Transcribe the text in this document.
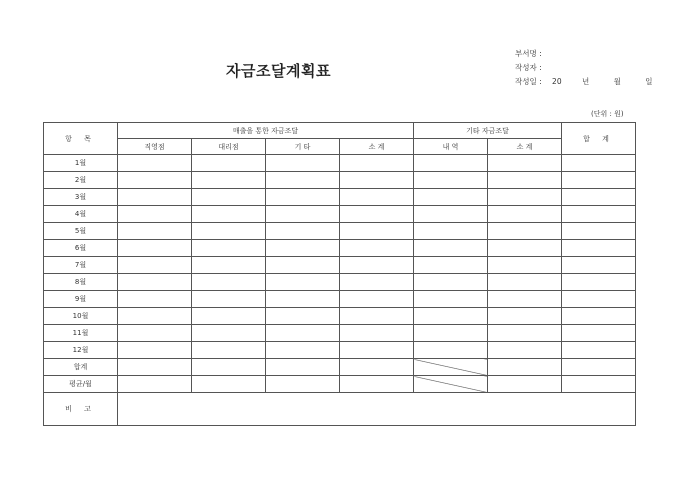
자금조달계획표
부서명 :
작성자 :
작성일 : 20	년	월	일
(단위 : 원)
항 목	매출을 통한 자금조달				기타 자금조달		합 계
	직영점	대리점	기 타	소 계	내 역	소 계	
1월							
2월							
3월							
4월							
5월							
6월							
7월							
8월							
9월							
10월							
11월							
12월							
합계							
평균/월							
비 고							
